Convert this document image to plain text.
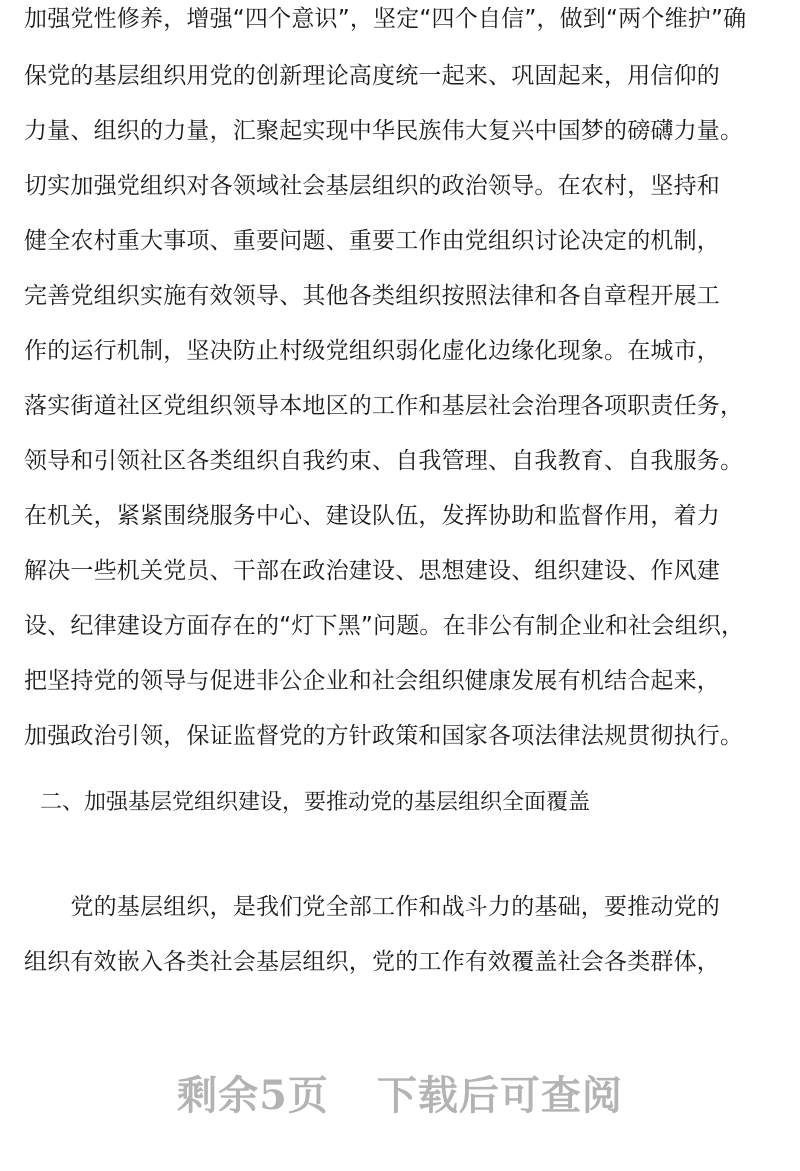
加强党性修养，增强“四个意识”，坚定“四个自信”，做到“两个维护”确
保党的基层组织用党的创新理论高度统一起来、巩固起来，用信仰的
力量、组织的力量，汇聚起实现中华民族伟大复兴中国梦的磅礴力量。
切实加强党组织对各领域社会基层组织的政治领导。在农村，坚持和
健全农村重大事项、重要问题、重要工作由党组织讨论决定的机制，
完善党组织实施有效领导、其他各类组织按照法律和各自章程开展工
作的运行机制，坚决防止村级党组织弱化虚化边缘化现象。在城市，
落实街道社区党组织领导本地区的工作和基层社会治理各项职责任务，
领导和引领社区各类组织自我约束、自我管理、自我教育、自我服务。
在机关，紧紧围绕服务中心、建设队伍，发挥协助和监督作用，着力
解决一些机关党员、干部在政治建设、思想建设、组织建设、作风建
设、纪律建设方面存在的“灯下黑”问题。在非公有制企业和社会组织，
把坚持党的领导与促进非公企业和社会组织健康发展有机结合起来，
加强政治引领，保证监督党的方针政策和国家各项法律法规贯彻执行。
二、加强基层党组织建设，要推动党的基层组织全面覆盖
　　党的基层组织，是我们党全部工作和战斗力的基础，要推动党的
组织有效嵌入各类社会基层组织，党的工作有效覆盖社会各类群体，
剩余5页 下载后可查阅
